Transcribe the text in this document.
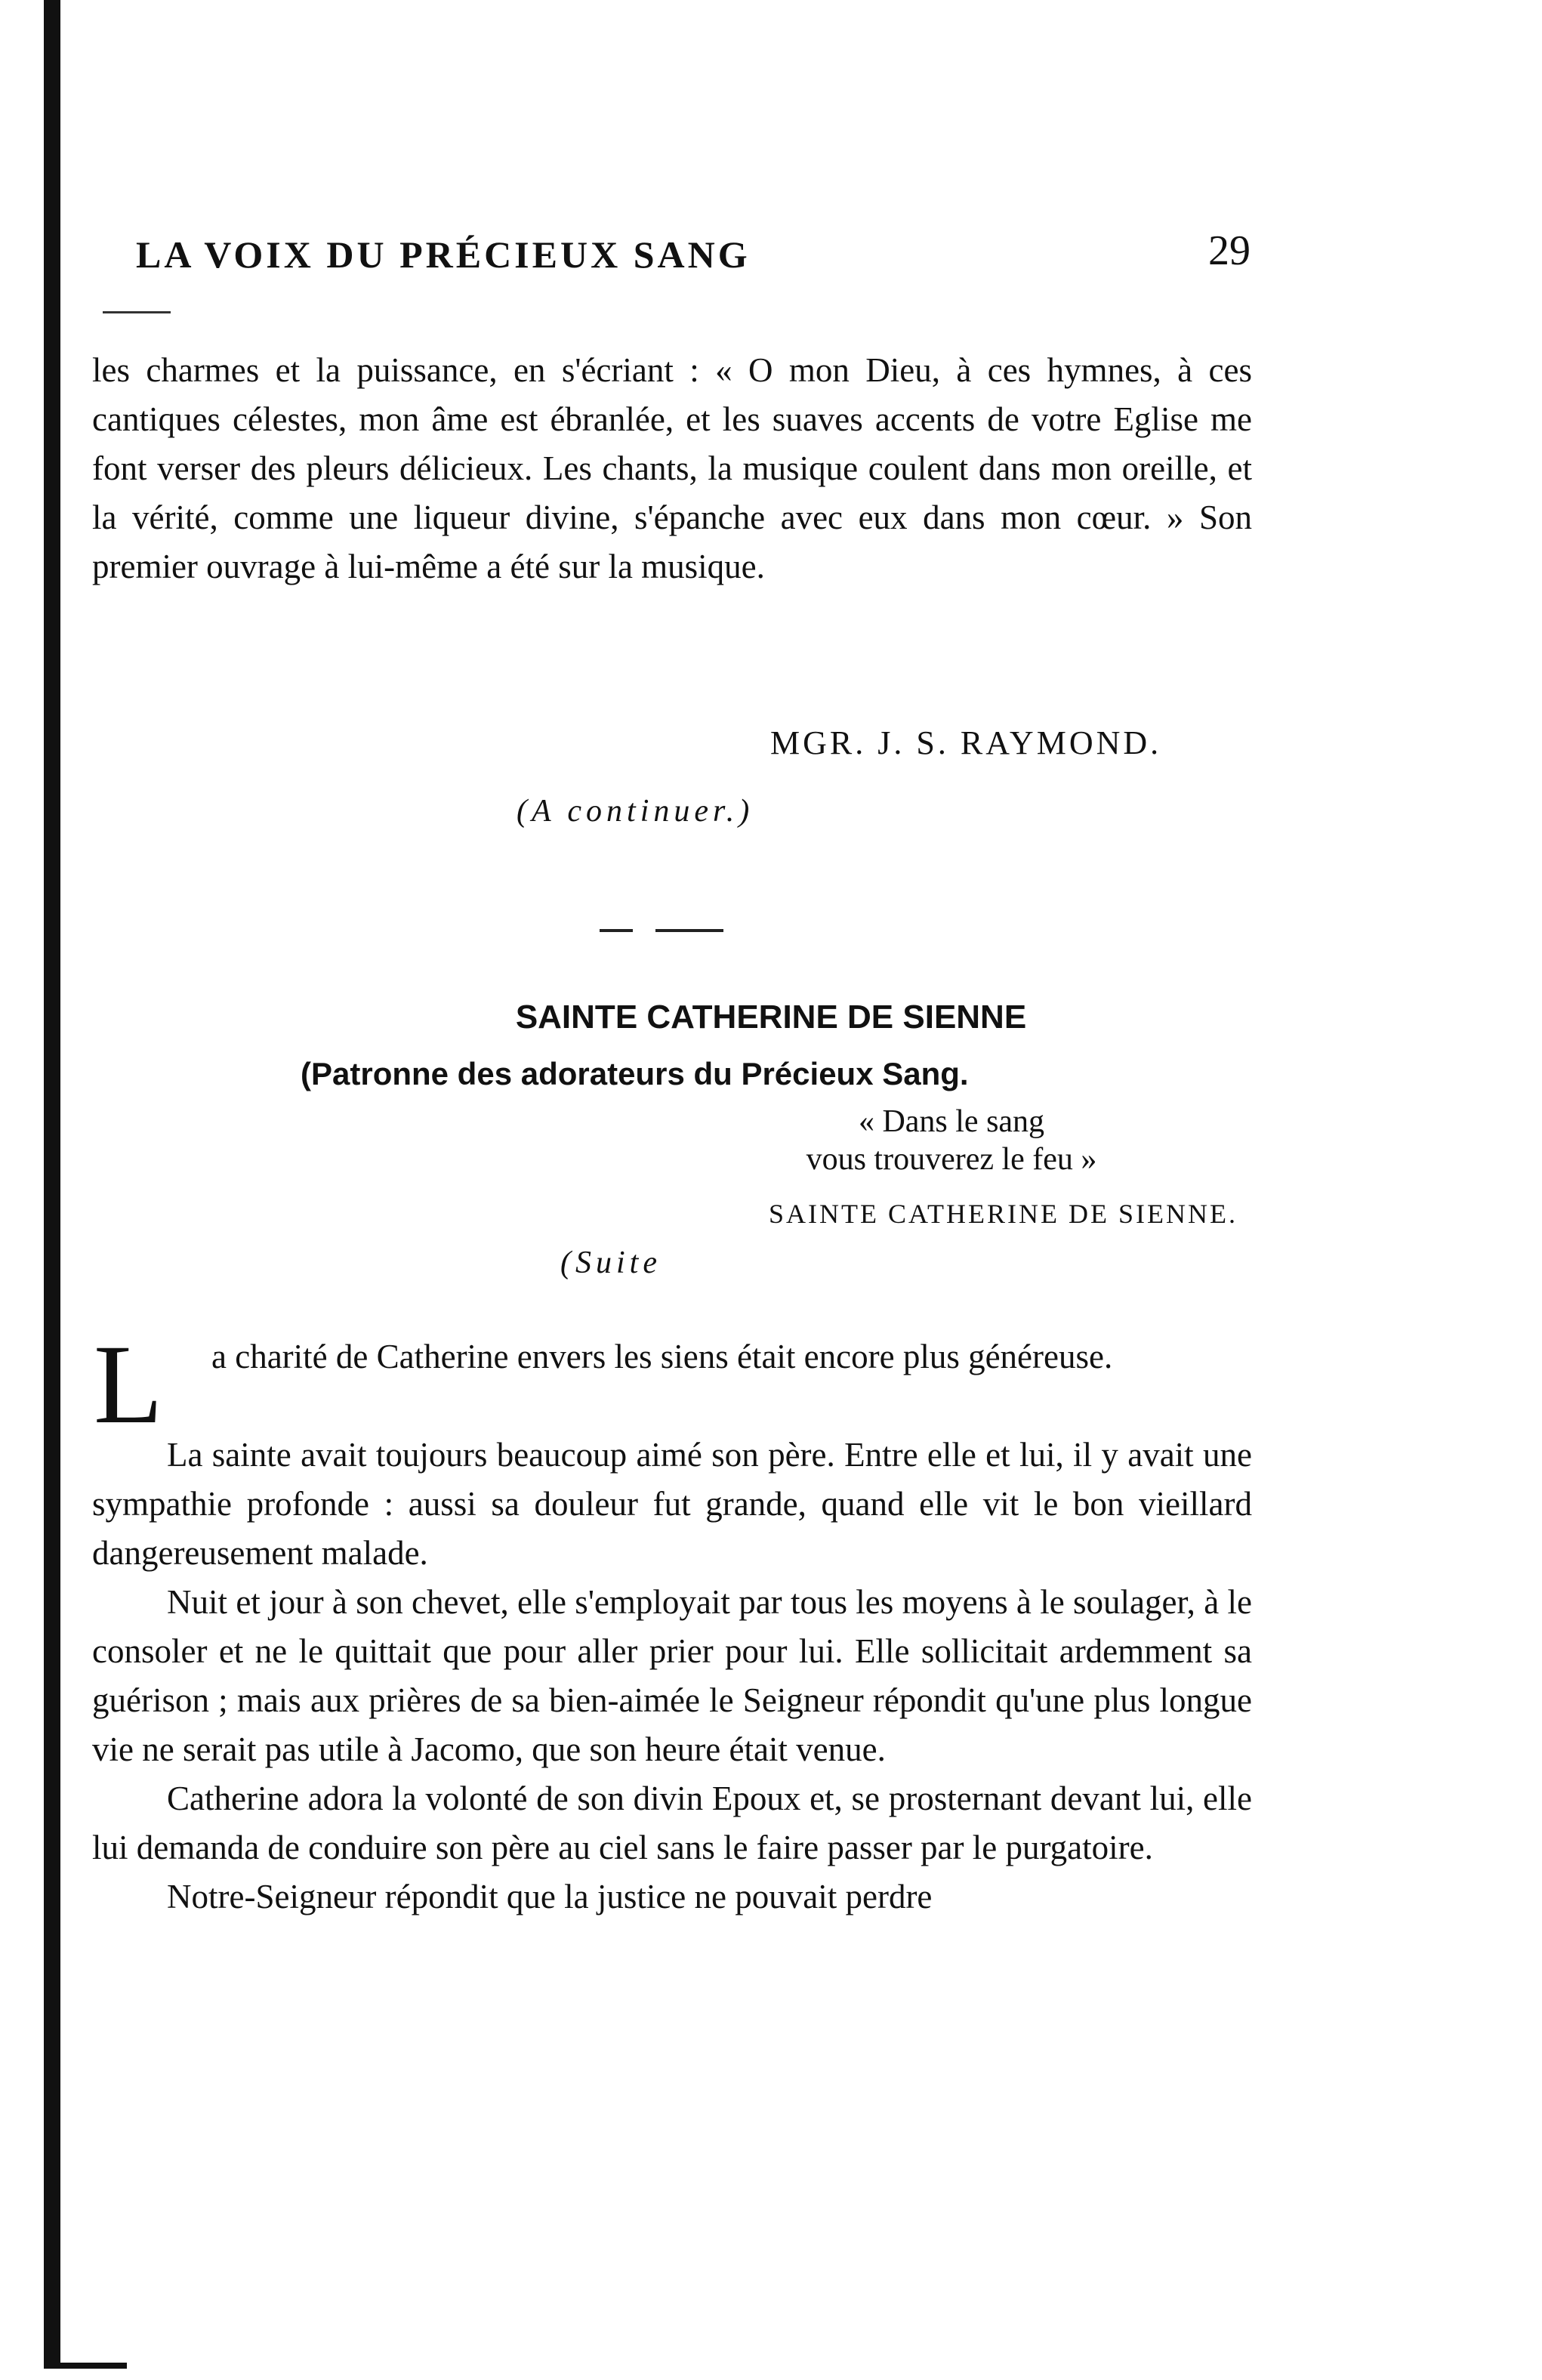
LA VOIX DU PRÉCIEUX SANG	29

les charmes et la puissance, en s'écriant : « O mon Dieu, à ces hymnes, à ces cantiques célestes, mon âme est ébranlée, et les suaves accents de votre Eglise me font verser des pleurs délicieux. Les chants, la musique coulent dans mon oreille, et la vérité, comme une liqueur divine, s'épanche avec eux dans mon cœur. » Son premier ouvrage à lui-même a été sur la musique.

MGR. J. S. RAYMOND.
(A continuer.)
SAINTE CATHERINE DE SIENNE
(Patronne des adorateurs du Précieux Sang.
« Dans le sang
vous trouverez le feu »
SAINTE CATHERINE DE SIENNE.
(Suite
L	a charité de Catherine envers les siens était encore plus généreuse.

La sainte avait toujours beaucoup aimé son père. Entre elle et lui, il y avait une sympathie profonde : aussi sa douleur fut grande, quand elle vit le bon vieillard dangereusement malade.

Nuit et jour à son chevet, elle s'employait par tous les moyens à le soulager, à le consoler et ne le quittait que pour aller prier pour lui. Elle sollicitait ardemment sa guérison ; mais aux prières de sa bien-aimée le Seigneur répondit qu'une plus longue vie ne serait pas utile à Jacomo, que son heure était venue.

Catherine adora la volonté de son divin Epoux et, se prosternant devant lui, elle lui demanda de conduire son père au ciel sans le faire passer par le purgatoire.

Notre-Seigneur répondit que la justice ne pouvait perdre
